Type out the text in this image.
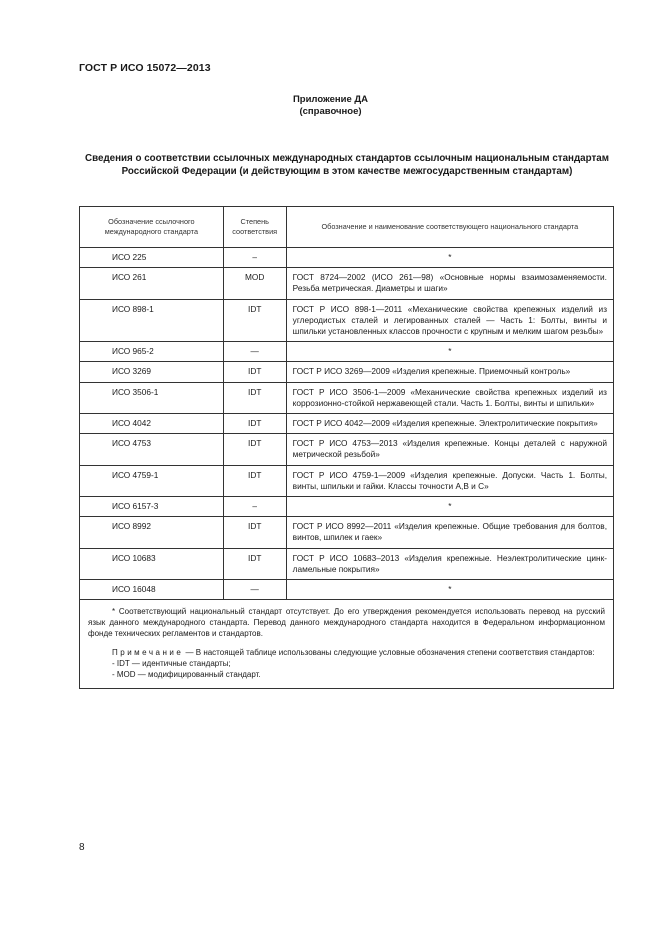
ГОСТ Р ИСО 15072—2013
Приложение ДА
(справочное)
Сведения о соответствии ссылочных международных стандартов ссылочным национальным стандартам Российской Федерации (и действующим в этом качестве межгосударственным стандартам)
Обозначение ссылочного международного стандарта	Степень соответствия	Обозначение и наименование соответствующего национального стандарта
ИСО 225	–	*
ИСО 261	MOD	ГОСТ 8724—2002 (ИСО 261—98) «Основные нормы взаимозаменяемости. Резьба метрическая. Диаметры и шаги»
ИСО 898-1	IDT	ГОСТ Р ИСО 898-1—2011 «Механические свойства крепежных изделий из углеродистых сталей и легированных сталей — Часть 1: Болты, винты и шпильки установленных классов прочности с крупным и мелким шагом резьбы»
ИСО 965-2	—	*
ИСО 3269	IDT	ГОСТ Р ИСО 3269—2009 «Изделия крепежные. Приемочный контроль»
ИСО 3506-1	IDT	ГОСТ Р ИСО 3506-1—2009 «Механические свойства крепежных изделий из коррозионно-стойкой нержавеющей стали. Часть 1. Болты, винты и шпильки»
ИСО 4042	IDT	ГОСТ Р ИСО 4042—2009 «Изделия крепежные. Электролитические покрытия»
ИСО 4753	IDT	ГОСТ Р ИСО 4753—2013 «Изделия крепежные. Концы деталей с наружной метрической резьбой»
ИСО 4759-1	IDT	ГОСТ Р ИСО 4759-1—2009 «Изделия крепежные. Допуски. Часть 1. Болты, винты, шпильки и гайки. Классы точности A,B и C»
ИСО 6157-3	–	*
ИСО 8992	IDT	ГОСТ Р ИСО 8992—2011 «Изделия крепежные. Общие требования для болтов, винтов, шпилек и гаек»
ИСО 10683	IDT	ГОСТ Р ИСО 10683–2013 «Изделия крепежные. Неэлектролитические цинк-ламельные покрытия»
ИСО 16048	—	*

* Соответствующий национальный стандарт отсутствует. До его утверждения рекомендуется использовать перевод на русский язык данного международного стандарта. Перевод данного международного стандарта находится в Федеральном информационном фонде технических регламентов и стандартов.

Примечание — В настоящей таблице использованы следующие условные обозначения степени соответствия стандартов:

- IDT — идентичные стандарты;

- MOD — модифицированный стандарт.		

8
